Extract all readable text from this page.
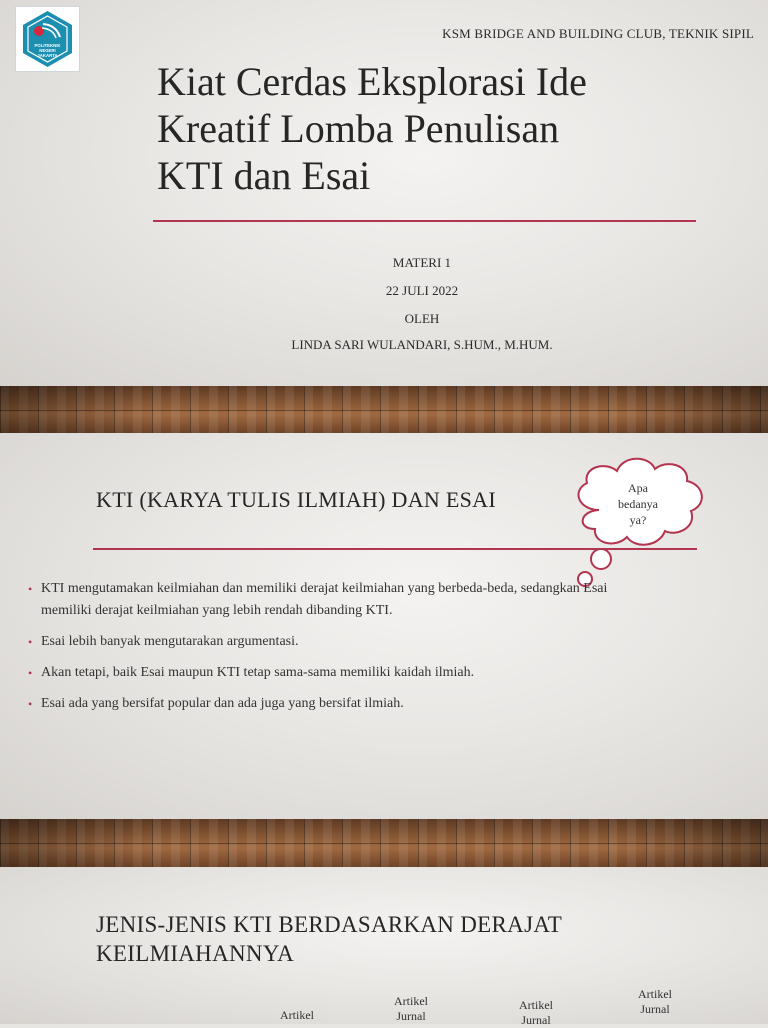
POLITEKNIK
NEGERI
JAKARTA
KSM BRIDGE AND BUILDING CLUB, TEKNIK SIPIL
Kiat Cerdas Eksplorasi Ide
Kreatif Lomba Penulisan
KTI dan Esai
MATERI 1
22 JULI 2022
OLEH
LINDA SARI WULANDARI, S.HUM., M.HUM.
KTI (KARYA TULIS ILMIAH) DAN ESAI	Apa
bedanya
ya?
• KTI mengutamakan keilmiahan dan memiliki derajat keilmiahan yang berbeda-beda, sedangkan Esai memiliki derajat keilmiahan yang lebih rendah dibanding KTI.
• Esai lebih banyak mengutarakan argumentasi.
• Akan tetapi, baik Esai maupun KTI tetap sama-sama memiliki kaidah ilmiah.
• Esai ada yang bersifat popular dan ada juga yang bersifat ilmiah.
JENIS-JENIS KTI BERDASARKAN DERAJAT
KEILMIAHANNYA
Artikel
Artikel
Jurnal
Artikel
Jurnal
Artikel
Jurnal
